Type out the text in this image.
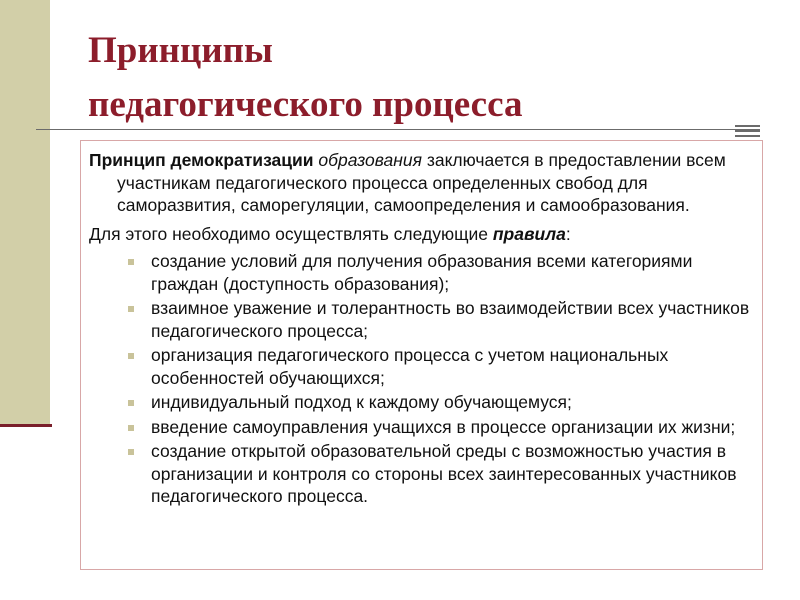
Принципы
педагогического процесса

Принцип демократизации образования заключается в предоставлении всем участникам педагогического процесса определенных свобод для саморазвития, саморегуляции, самоопределения и самообразования.

Для этого необходимо осуществлять следующие правила:

создание условий для получения образования всеми категориями граждан (доступность образования);
взаимное уважение и толерантность во взаимодействии всех участников педагогического процесса;
организация педагогического процесса с учетом национальных особенностей обучающихся;
индивидуальный подход к каждому обучающемуся;
введение самоуправления учащихся в процессе организации их жизни;
создание открытой образовательной среды с возможностью участия в организации и контроля со стороны всех заинтересованных участников педагогического процесса.
